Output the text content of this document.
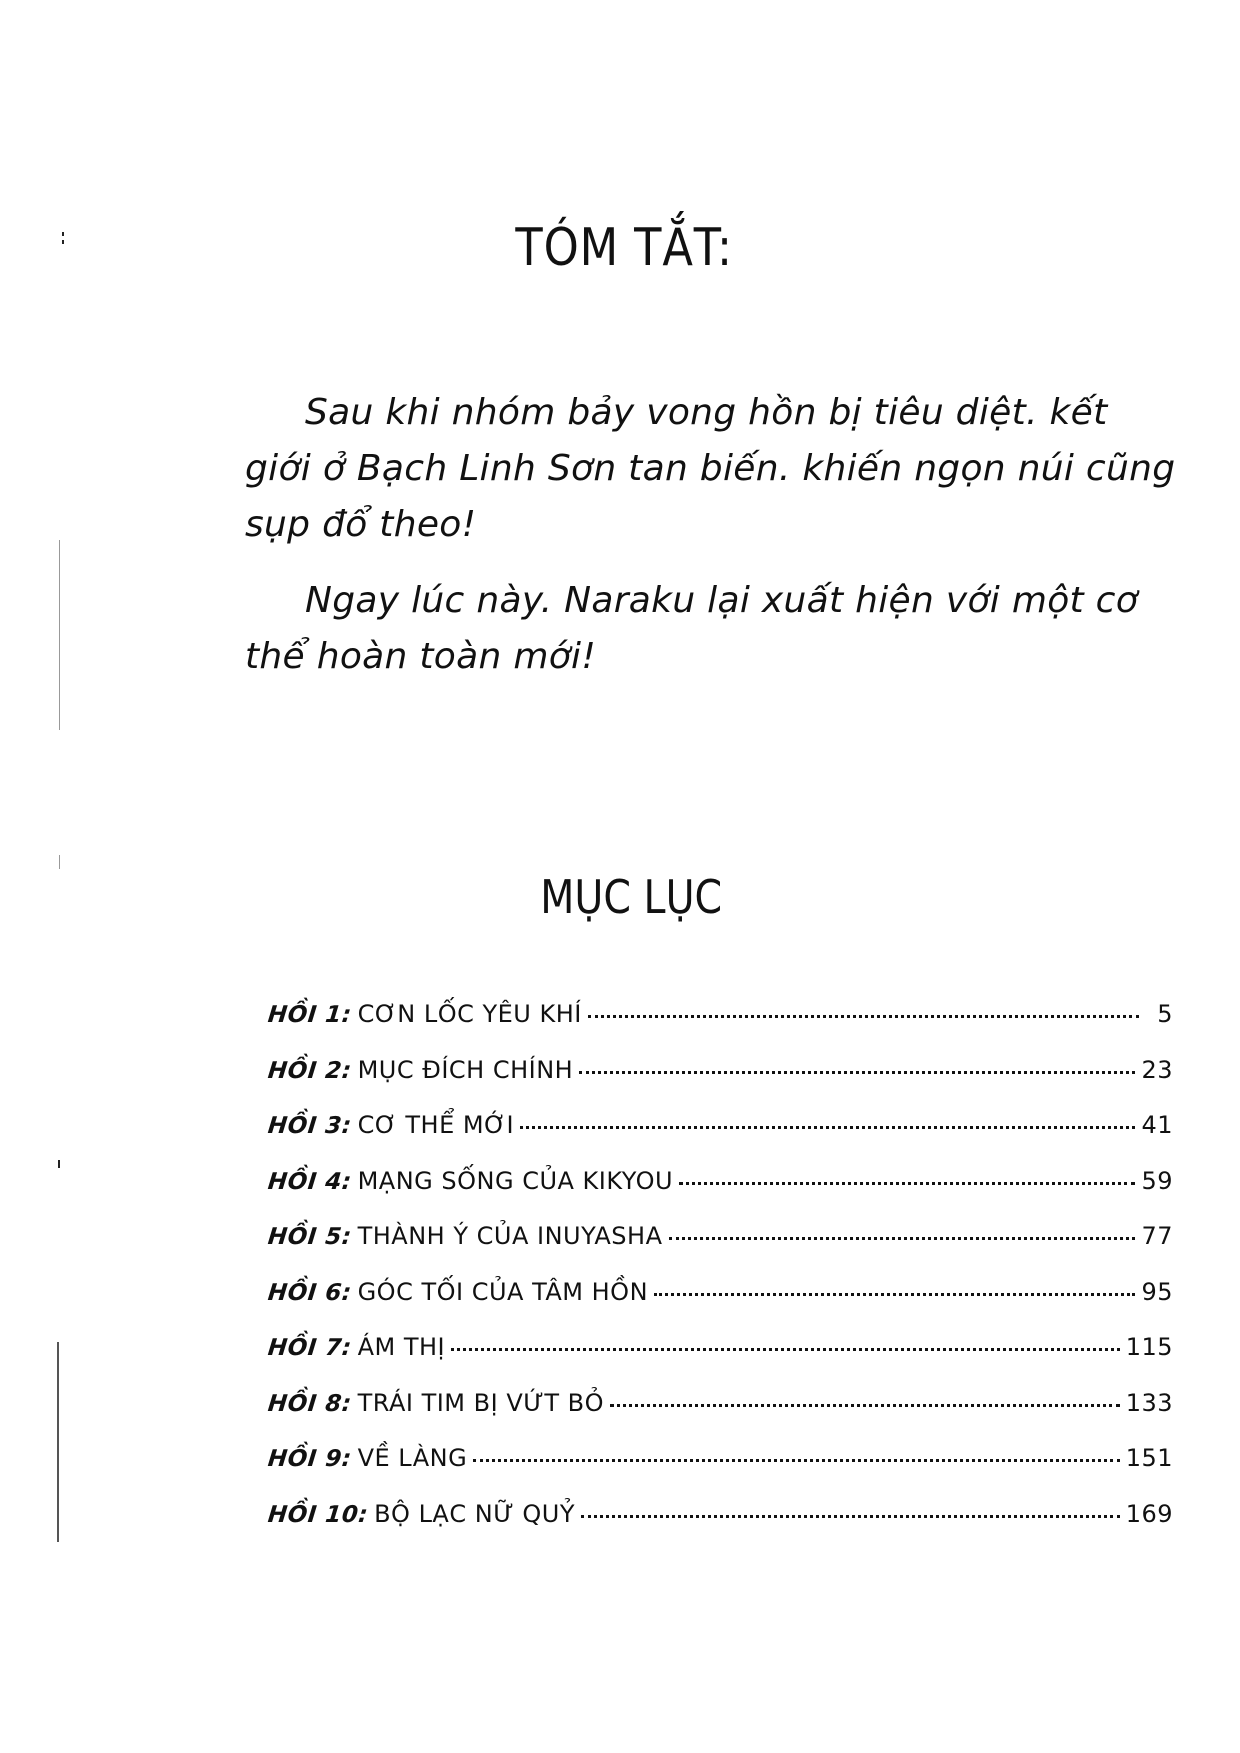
TÓM TẮT:

Sau khi nhóm bảy vong hồn bị tiêu diệt. kết giới ở Bạch Linh Sơn tan biến. khiến ngọn núi cũng sụp đổ theo!

Ngay lúc này. Naraku lại xuất hiện với một cơ thể hoàn toàn mới!

MỤC LỤC
HỒI 1: CƠN LỐC YÊU KHÍ	5
HỒI 2: MỤC ĐÍCH CHÍNH	23
HỒI 3: CƠ THỂ MỚI	41
HỒI 4: MẠNG SỐNG CỦA KIKYOU	59
HỒI 5: THÀNH Ý CỦA INUYASHA	77
HỒI 6: GÓC TỐI CỦA TÂM HỒN	95
HỒI 7: ÁM THỊ	115
HỒI 8: TRÁI TIM BỊ VỨT BỎ	133
HỒI 9: VỀ LÀNG	151
HỒI 10: BỘ LẠC NỮ QUỶ	169
